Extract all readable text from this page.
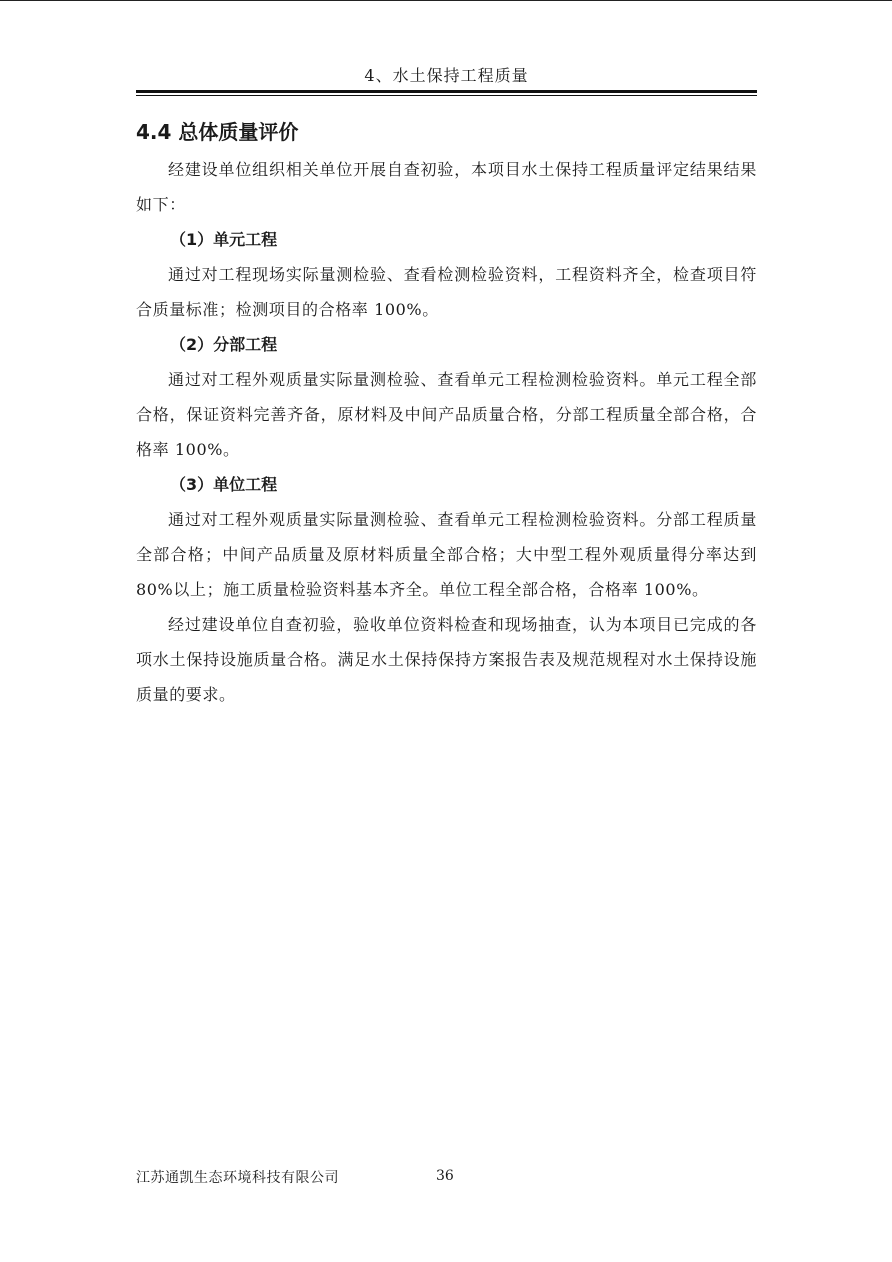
4、水土保持工程质量
4.4 总体质量评价

经建设单位组织相关单位开展自查初验，本项目水土保持工程质量评定结果结果如下：

（1）单元工程

通过对工程现场实际量测检验、查看检测检验资料，工程资料齐全，检查项目符合质量标准；检测项目的合格率 100%。

（2）分部工程

通过对工程外观质量实际量测检验、查看单元工程检测检验资料。单元工程全部合格，保证资料完善齐备，原材料及中间产品质量合格，分部工程质量全部合格，合格率 100%。

（3）单位工程

通过对工程外观质量实际量测检验、查看单元工程检测检验资料。分部工程质量全部合格；中间产品质量及原材料质量全部合格；大中型工程外观质量得分率达到 80%以上；施工质量检验资料基本齐全。单位工程全部合格，合格率 100%。

经过建设单位自查初验，验收单位资料检查和现场抽查，认为本项目已完成的各项水土保持设施质量合格。满足水土保持保持方案报告表及规范规程对水土保持设施质量的要求。

江苏通凯生态环境科技有限公司	36
